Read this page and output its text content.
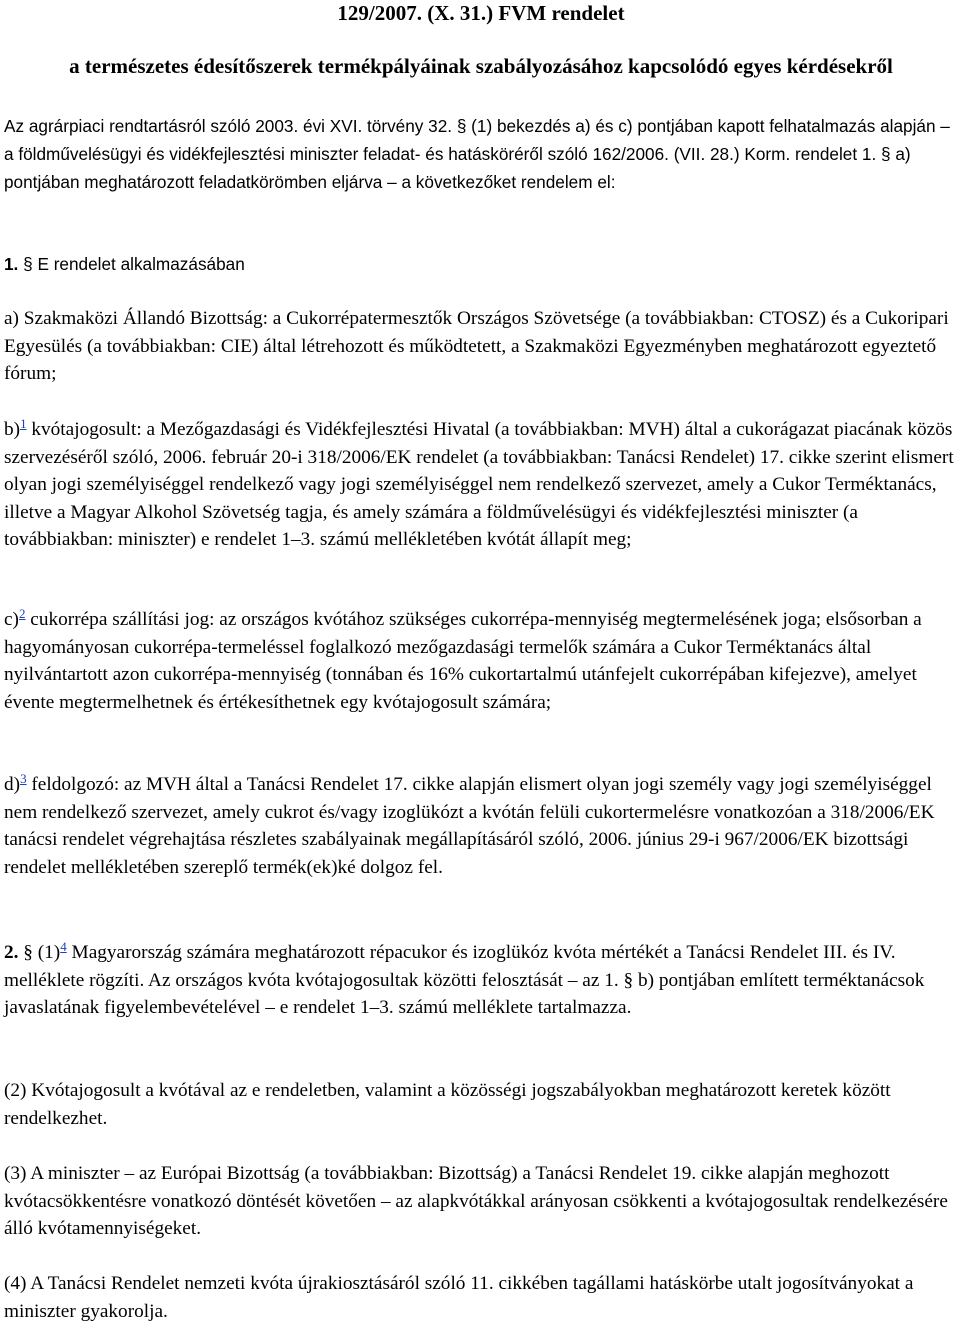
129/2007. (X. 31.) FVM rendelet
a természetes édesítőszerek termékpályáinak szabályozásához kapcsolódó egyes kérdésekről

Az agrárpiaci rendtartásról szóló 2003. évi XVI. törvény 32. § (1) bekezdés a) és c) pontjában kapott felhatalmazás alapján – a földművelésügyi és vidékfejlesztési miniszter feladat- és hatásköréről szóló 162/2006. (VII. 28.) Korm. rendelet 1. § a) pontjában meghatározott feladatkörömben eljárva – a következőket rendelem el:

1. § E rendelet alkalmazásában

a) Szakmaközi Állandó Bizottság: a Cukorrépatermesztők Országos Szövetsége (a továbbiakban: CTOSZ) és a Cukoripari Egyesülés (a továbbiakban: CIE) által létrehozott és működtetett, a Szakmaközi Egyezményben meghatározott egyeztető fórum;

b)$^1$ kvótajogosult: a Mezőgazdasági és Vidékfejlesztési Hivatal (a továbbiakban: MVH) által a cukorágazat piacának közös szervezéséről szóló, 2006. február 20-i 318/2006/EK rendelet (a továbbiakban: Tanácsi Rendelet) 17. cikke szerint elismert olyan jogi személyiséggel rendelkező vagy jogi személyiséggel nem rendelkező szervezet, amely a Cukor Terméktanács, illetve a Magyar Alkohol Szövetség tagja, és amely számára a földművelésügyi és vidékfejlesztési miniszter (a továbbiakban: miniszter) e rendelet 1–3. számú mellékletében kvótát állapít meg;

c)$^2$ cukorrépa szállítási jog: az országos kvótához szükséges cukorrépa-mennyiség megtermelésének joga; elsősorban a hagyományosan cukorrépa-termeléssel foglalkozó mezőgazdasági termelők számára a Cukor Terméktanács által nyilvántartott azon cukorrépa-mennyiség (tonnában és 16% cukortartalmú utánfejelt cukorrépában kifejezve), amelyet évente megtermelhetnek és értékesíthetnek egy kvótajogosult számára;

d)$^3$ feldolgozó: az MVH által a Tanácsi Rendelet 17. cikke alapján elismert olyan jogi személy vagy jogi személyiséggel nem rendelkező szervezet, amely cukrot és/vagy izoglükózt a kvótán felüli cukortermelésre vonatkozóan a 318/2006/EK tanácsi rendelet végrehajtása részletes szabályainak megállapításáról szóló, 2006. június 29-i 967/2006/EK bizottsági rendelet mellékletében szereplő termék(ek)ké dolgoz fel.

2. § (1)$^4$ Magyarország számára meghatározott répacukor és izoglükóz kvóta mértékét a Tanácsi Rendelet III. és IV. melléklete rögzíti. Az országos kvóta kvótajogosultak közötti felosztását – az 1. § b) pontjában említett terméktanácsok javaslatának figyelembevételével – e rendelet 1–3. számú melléklete tartalmazza.

(2) Kvótajogosult a kvótával az e rendeletben, valamint a közösségi jogszabályokban meghatározott keretek között rendelkezhet.

(3) A miniszter – az Európai Bizottság (a továbbiakban: Bizottság) a Tanácsi Rendelet 19. cikke alapján meghozott kvótacsökkentésre vonatkozó döntését követően – az alapkvótákkal arányosan csökkenti a kvótajogosultak rendelkezésére álló kvótamennyiségeket.

(4) A Tanácsi Rendelet nemzeti kvóta újrakiosztásáról szóló 11. cikkében tagállami hatáskörbe utalt jogosítványokat a miniszter gyakorolja.
